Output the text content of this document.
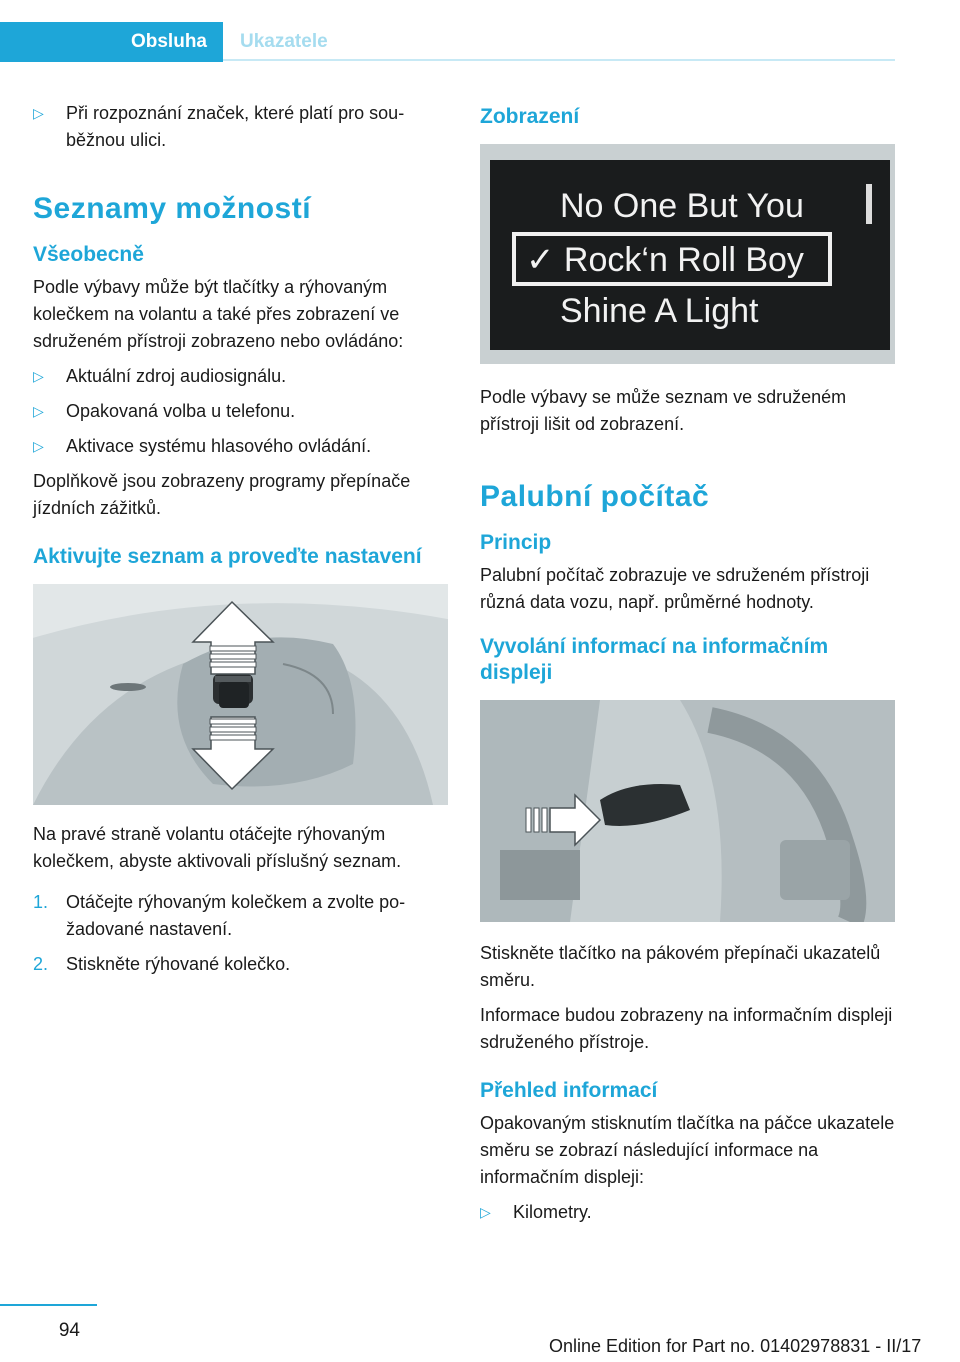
Obsluha	Ukazatele
▷ Při rozpoznání značek, které platí pro souběžnou ulici.
Seznamy možností
Všeobecně

Podle výbavy může být tlačítky a rýhovaným kolečkem na volantu a také přes zobrazení ve sdruženém přístroji zobrazeno nebo ovládáno:

▷ Aktuální zdroj audiosignálu.
▷ Opakovaná volba u telefonu.
▷ Aktivace systému hlasového ovládání.

Doplňkově jsou zobrazeny programy přepínače jízdních zážitků.

Aktivujte seznam a proveďte nastavení

Na pravé straně volantu otáčejte rýhovaným kolečkem, abyste aktivovali příslušný seznam.

1. Otáčejte rýhovaným kolečkem a zvolte požadované nastavení.
2. Stiskněte rýhované kolečko.
Zobrazení
No One But You
✓ Rock‘n Roll Boy
Shine A Light

Podle výbavy se může seznam ve sdruženém přístroji lišit od zobrazení.

Palubní počítač
Princip

Palubní počítač zobrazuje ve sdruženém přístroji různá data vozu, např. průměrné hodnoty.

Vyvolání informací na informačním displeji

Stiskněte tlačítko na pákovém přepínači ukazatelů směru.

Informace budou zobrazeny na informačním displeji sdruženého přístroje.

Přehled informací

Opakovaným stisknutím tlačítka na páčce ukazatele směru se zobrazí následující informace na informačním displeji:

▷ Kilometry.
94
Online Edition for Part no. 01402978831 - II/17
